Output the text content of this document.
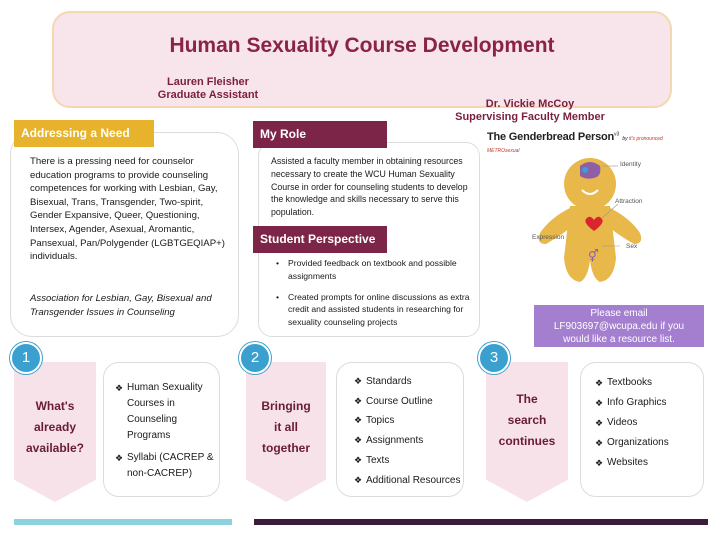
Human Sexuality Course Development
Lauren Fleisher
Graduate Assistant
Dr. Vickie McCoy
Supervising Faculty Member
Addressing a Need
There is a pressing need for counselor education programs to provide counseling competences for working with Lesbian, Gay, Bisexual, Trans, Transgender, Two-spirit, Gender Expansive, Queer, Questioning, Intersex, Agender, Asexual, Aromantic, Pansexual, Pan/Polygender (LGBTGEQIAP+) individuals.
Association for Lesbian, Gay, Bisexual and Transgender Issues in Counseling
My Role
Assisted a faculty member in obtaining resources necessary to create the WCU Human Sexuality Course in order for counseling students to develop the knowledge and skills necessary to serve this population.
Student Perspective
• Provided feedback on textbook and possible assignments
• Created prompts for online discussions as extra credit and assisted students in researching for sexuality counseling projects
The Genderbread Person$^{v3}$ by it's pronounced METROsexual
⚥
Identity
Attraction
Expression
Sex
Please email
LF903697@wcupa.edu if you
would like a resource list.
1
What's
already
available?
❖ Human Sexuality Courses in Counseling Programs
❖ Syllabi (CACREP & non-CACREP)
2
Bringing
it all
together
❖ Standards
❖ Course Outline
❖ Topics
❖ Assignments
❖ Texts
❖ Additional Resources
3
The
search
continues
❖ Textbooks
❖ Info Graphics
❖ Videos
❖ Organizations
❖ Websites
